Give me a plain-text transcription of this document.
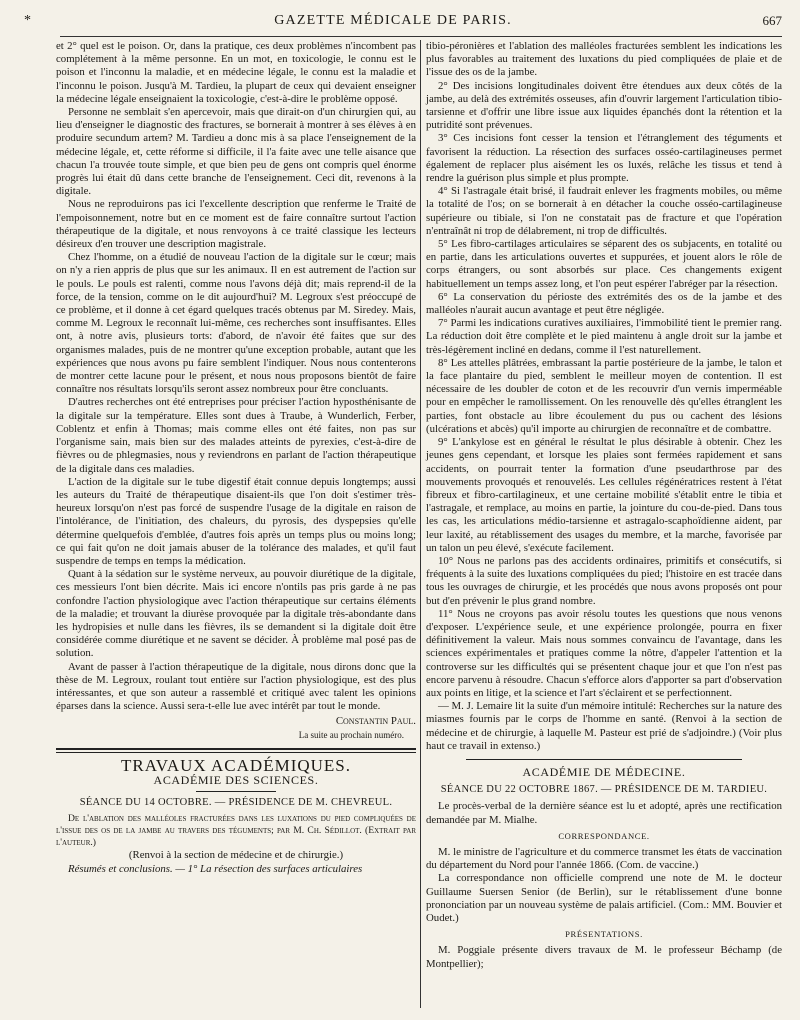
*	GAZETTE MÉDICALE DE PARIS.	667

et 2° quel est le poison. Or, dans la pratique, ces deux problèmes n'incombent pas complétement à la même personne. En un mot, en toxicologie, le connu est le poison et l'inconnu la maladie, et en médecine légale, le connu est la maladie et l'inconnu le poison. Jusqu'à M. Tardieu, la plupart de ceux qui devaient enseigner la médecine légale enseignaient la toxicologie, c'est-à-dire le problème opposé.

Personne ne semblait s'en apercevoir, mais que dirait-on d'un chirurgien qui, au lieu d'enseigner le diagnostic des fractures, se bornerait à montrer à ses élèves à en produire secundum artem? M. Tardieu a donc mis à sa place l'enseignement de la médecine légale, et, cette réforme si difficile, il l'a faite avec une telle aisance que chacun l'a trouvée toute simple, et que bien peu de gens ont compris quel énorme progrès lui était dû dans cette branche de l'enseignement. Ceci dit, revenons à la digitale.

Nous ne reproduirons pas ici l'excellente description que renferme le Traité de l'empoisonnement, notre but en ce moment est de faire connaître surtout l'action thérapeutique de la digitale, et nous renvoyons à ce traité classique les lecteurs désireux d'en trouver une description magistrale.

Chez l'homme, on a étudié de nouveau l'action de la digitale sur le cœur; mais on n'y a rien appris de plus que sur les animaux. Il en est autrement de l'action sur le pouls. Le pouls est ralenti, comme nous l'avons déjà dit; mais reprend-il de la force, de la tension, comme on le dit aujourd'hui? M. Legroux s'est préoccupé de ce problème, et il donne à cet égard quelques tracés obtenus par M. Siredey. Mais, comme M. Legroux le reconnaît lui-même, ces recherches sont insuffisantes. Elles ont, à notre avis, plusieurs torts: d'abord, de n'avoir été faites que sur des organismes malades, puis de ne montrer qu'une exception probable, autant que les expériences que nous avons pu faire semblent l'indiquer. Nous nous contenterons de montrer cette lacune pour le présent, et nous nous proposons bientôt de faire connaître nos résultats lorsqu'ils seront assez nombreux pour être concluants.

D'autres recherches ont été entreprises pour préciser l'action hyposthénisante de la digitale sur la température. Elles sont dues à Traube, à Wunderlich, Ferber, Coblentz et enfin à Thomas; mais comme elles ont été faites, non pas sur l'organisme sain, mais bien sur des malades atteints de pyrexies, c'est-à-dire de fièvres ou de phlegmasies, nous y reviendrons en parlant de l'action thérapeutique de la digitale dans ces maladies.

L'action de la digitale sur le tube digestif était connue depuis longtemps; aussi les auteurs du Traité de thérapeutique disaient-ils que l'on doit s'estimer très-heureux lorsqu'on n'est pas forcé de suspendre l'usage de la digitale en raison de l'intolérance, de l'initiation, des chaleurs, du pyrosis, des dyspepsies qu'elle détermine quelquefois d'emblée, d'autres fois après un temps plus ou moins long; ce qui fait qu'on ne doit jamais abuser de la tolérance des malades, et qu'il faut suspendre de temps en temps la médication.

Quant à la sédation sur le système nerveux, au pouvoir diurétique de la digitale, ces messieurs l'ont bien décrite. Mais ici encore n'ontils pas pris garde à ne pas confondre l'action physiologique avec l'action thérapeutique sur certains éléments de la maladie; et trouvant la diurèse provoquée par la digitale très-abondante dans les hydropisies et nulle dans les fièvres, ils se demandent si la digitale doit être considérée comme diurétique et ne savent se décider. À problème mal posé pas de solution.

Avant de passer à l'action thérapeutique de la digitale, nous dirons donc que la thèse de M. Legroux, roulant tout entière sur l'action physiologique, est des plus intéressantes, et que son auteur a rassemblé et critiqué avec talent les opinions éparses dans la science. Aussi sera-t-elle lue avec intérêt par tout le monde.

Constantin Paul.
La suite au prochain numéro.
TRAVAUX ACADÉMIQUES.
ACADÉMIE DES SCIENCES.
SÉANCE DU 14 OCTOBRE. — PRÉSIDENCE DE M. CHEVREUL.

De l'ablation des malléoles fracturées dans les luxations du pied compliquées de l'issue des os de la jambe au travers des téguments; par M. Ch. Sédillot. (Extrait par l'auteur.)

(Renvoi à la section de médecine et de chirurgie.)

Résumés et conclusions. — 1° La résection des surfaces articulaires

tibio-péronières et l'ablation des malléoles fracturées semblent les indications les plus favorables au traitement des luxations du pied compliquées de plaie et de l'issue des os de la jambe.

2° Des incisions longitudinales doivent être étendues aux deux côtés de la jambe, au delà des extrémités osseuses, afin d'ouvrir largement l'articulation tibio-tarsienne et d'offrir une libre issue aux liquides épanchés dont la rétention et la putridité sont prévenues.

3° Ces incisions font cesser la tension et l'étranglement des téguments et favorisent la réduction. La résection des surfaces osséo-cartilagineuses permet également de replacer plus aisément les os luxés, relâche les tissus et tend à rendre la guérison plus simple et plus prompte.

4° Si l'astragale était brisé, il faudrait enlever les fragments mobiles, ou même la totalité de l'os; on se bornerait à en détacher la couche osséo-cartilagineuse supérieure ou tibiale, si l'on ne constatait pas de fracture et que l'opération n'entraînât ni trop de délabrement, ni trop de difficultés.

5° Les fibro-cartilages articulaires se séparent des os subjacents, en totalité ou en partie, dans les articulations ouvertes et suppurées, et jouent alors le rôle de corps étrangers, ou sont absorbés sur place. Ces changements exigent habituellement un temps assez long, et l'on peut espérer l'abréger par la résection.

6° La conservation du périoste des extrémités des os de la jambe et des malléoles n'aurait aucun avantage et peut être négligée.

7° Parmi les indications curatives auxiliaires, l'immobilité tient le premier rang. La réduction doit être complète et le pied maintenu à angle droit sur la jambe et très-légèrement incliné en dedans, comme il l'est naturellement.

8° Les attelles plâtrées, embrassant la partie postérieure de la jambe, le talon et la face plantaire du pied, semblent le meilleur moyen de contention. Il est nécessaire de les doubler de coton et de les recouvrir d'un vernis imperméable pour en empêcher le ramollissement. On les renouvelle dès qu'elles étranglent les parties, font obstacle au libre écoulement du pus ou cachent des lésions (ulcérations et abcès) qu'il importe au chirurgien de reconnaître et de combattre.

9° L'ankylose est en général le résultat le plus désirable à obtenir. Chez les jeunes gens cependant, et lorsque les plaies sont fermées rapidement et sans accidents, on pourrait tenter la formation d'une pseudarthrose par des mouvements provoqués et renouvelés. Les cellules régénératrices restent à l'état fibreux et fibro-cartilagineux, et une certaine mobilité s'établit entre le tibia et l'astragale, et remplace, au moins en partie, la jointure du cou-de-pied. Dans tous les cas, les articulations médio-tarsienne et astragalo-scaphoïdienne aident, par leur laxité, au rétablissement des usages du membre, et la marche, favorisée par un talon un peu élevé, s'exécute facilement.

10° Nous ne parlons pas des accidents ordinaires, primitifs et consécutifs, si fréquents à la suite des luxations compliquées du pied; l'histoire en est tracée dans tous les ouvrages de chirurgie, et les procédés que nous avons proposés ont pour but d'en prévenir le plus grand nombre.

11° Nous ne croyons pas avoir résolu toutes les questions que nous venons d'exposer. L'expérience seule, et une expérience prolongée, pourra en fixer définitivement la valeur. Mais nous sommes convaincu de l'avantage, dans les sciences expérimentales et pratiques comme la nôtre, d'appeler l'attention et la controverse sur les difficultés qui se présentent chaque jour et que l'on n'est pas encore parvenu à résoudre. Chacun s'efforce alors d'apporter sa part d'observation aux points en litige, et la science et l'art s'éclairent et se perfectionnent.

— M. J. Lemaire lit la suite d'un mémoire intitulé: Recherches sur la nature des miasmes fournis par le corps de l'homme en santé. (Renvoi à la section de médecine et de chirurgie, à laquelle M. Pasteur est prié de s'adjoindre.) (Voir plus haut ce travail in extenso.)

ACADÉMIE DE MÉDECINE.
SÉANCE DU 22 OCTOBRE 1867. — PRÉSIDENCE DE M. TARDIEU.

Le procès-verbal de la dernière séance est lu et adopté, après une rectification demandée par M. Mialhe.

CORRESPONDANCE.

M. le ministre de l'agriculture et du commerce transmet les états de vaccination du département du Nord pour l'année 1866. (Com. de vaccine.)

La correspondance non officielle comprend une note de M. le docteur Guillaume Suersen Senior (de Berlin), sur le rétablissement d'une bonne prononciation par un nouveau système de palais artificiel. (Com.: MM. Bouvier et Oudet.)

PRÉSENTATIONS.

M. Poggiale présente divers travaux de M. le professeur Béchamp (de Montpellier);
